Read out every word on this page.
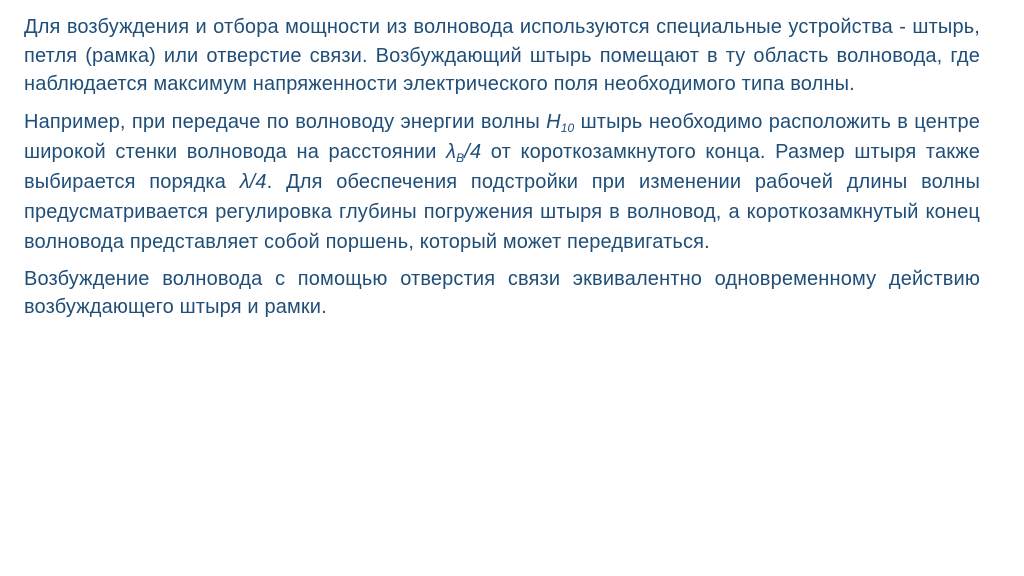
Для возбуждения и отбора мощности из волновода используются специальные устройства - штырь, петля (рамка) или отверстие связи. Возбуждающий штырь помещают в ту область волновода, где наблюдается максимум напряженности электрического поля необходимого типа волны.

Например, при передаче по волноводу энергии волны $H_{10}$ штырь необходимо расположить в центре широкой стенки волновода на расстоянии $\lambda_В/4$ от короткозамкнутого конца. Размер штыря также выбирается порядка λ/4. Для обеспечения подстройки при изменении рабочей длины волны предусматривается регулировка глубины погружения штыря в волновод, а короткозамкнутый конец волновода представляет собой поршень, который может передвигаться.

Возбуждение волновода с помощью отверстия связи эквивалентно одновременному действию возбуждающего штыря и рамки.
